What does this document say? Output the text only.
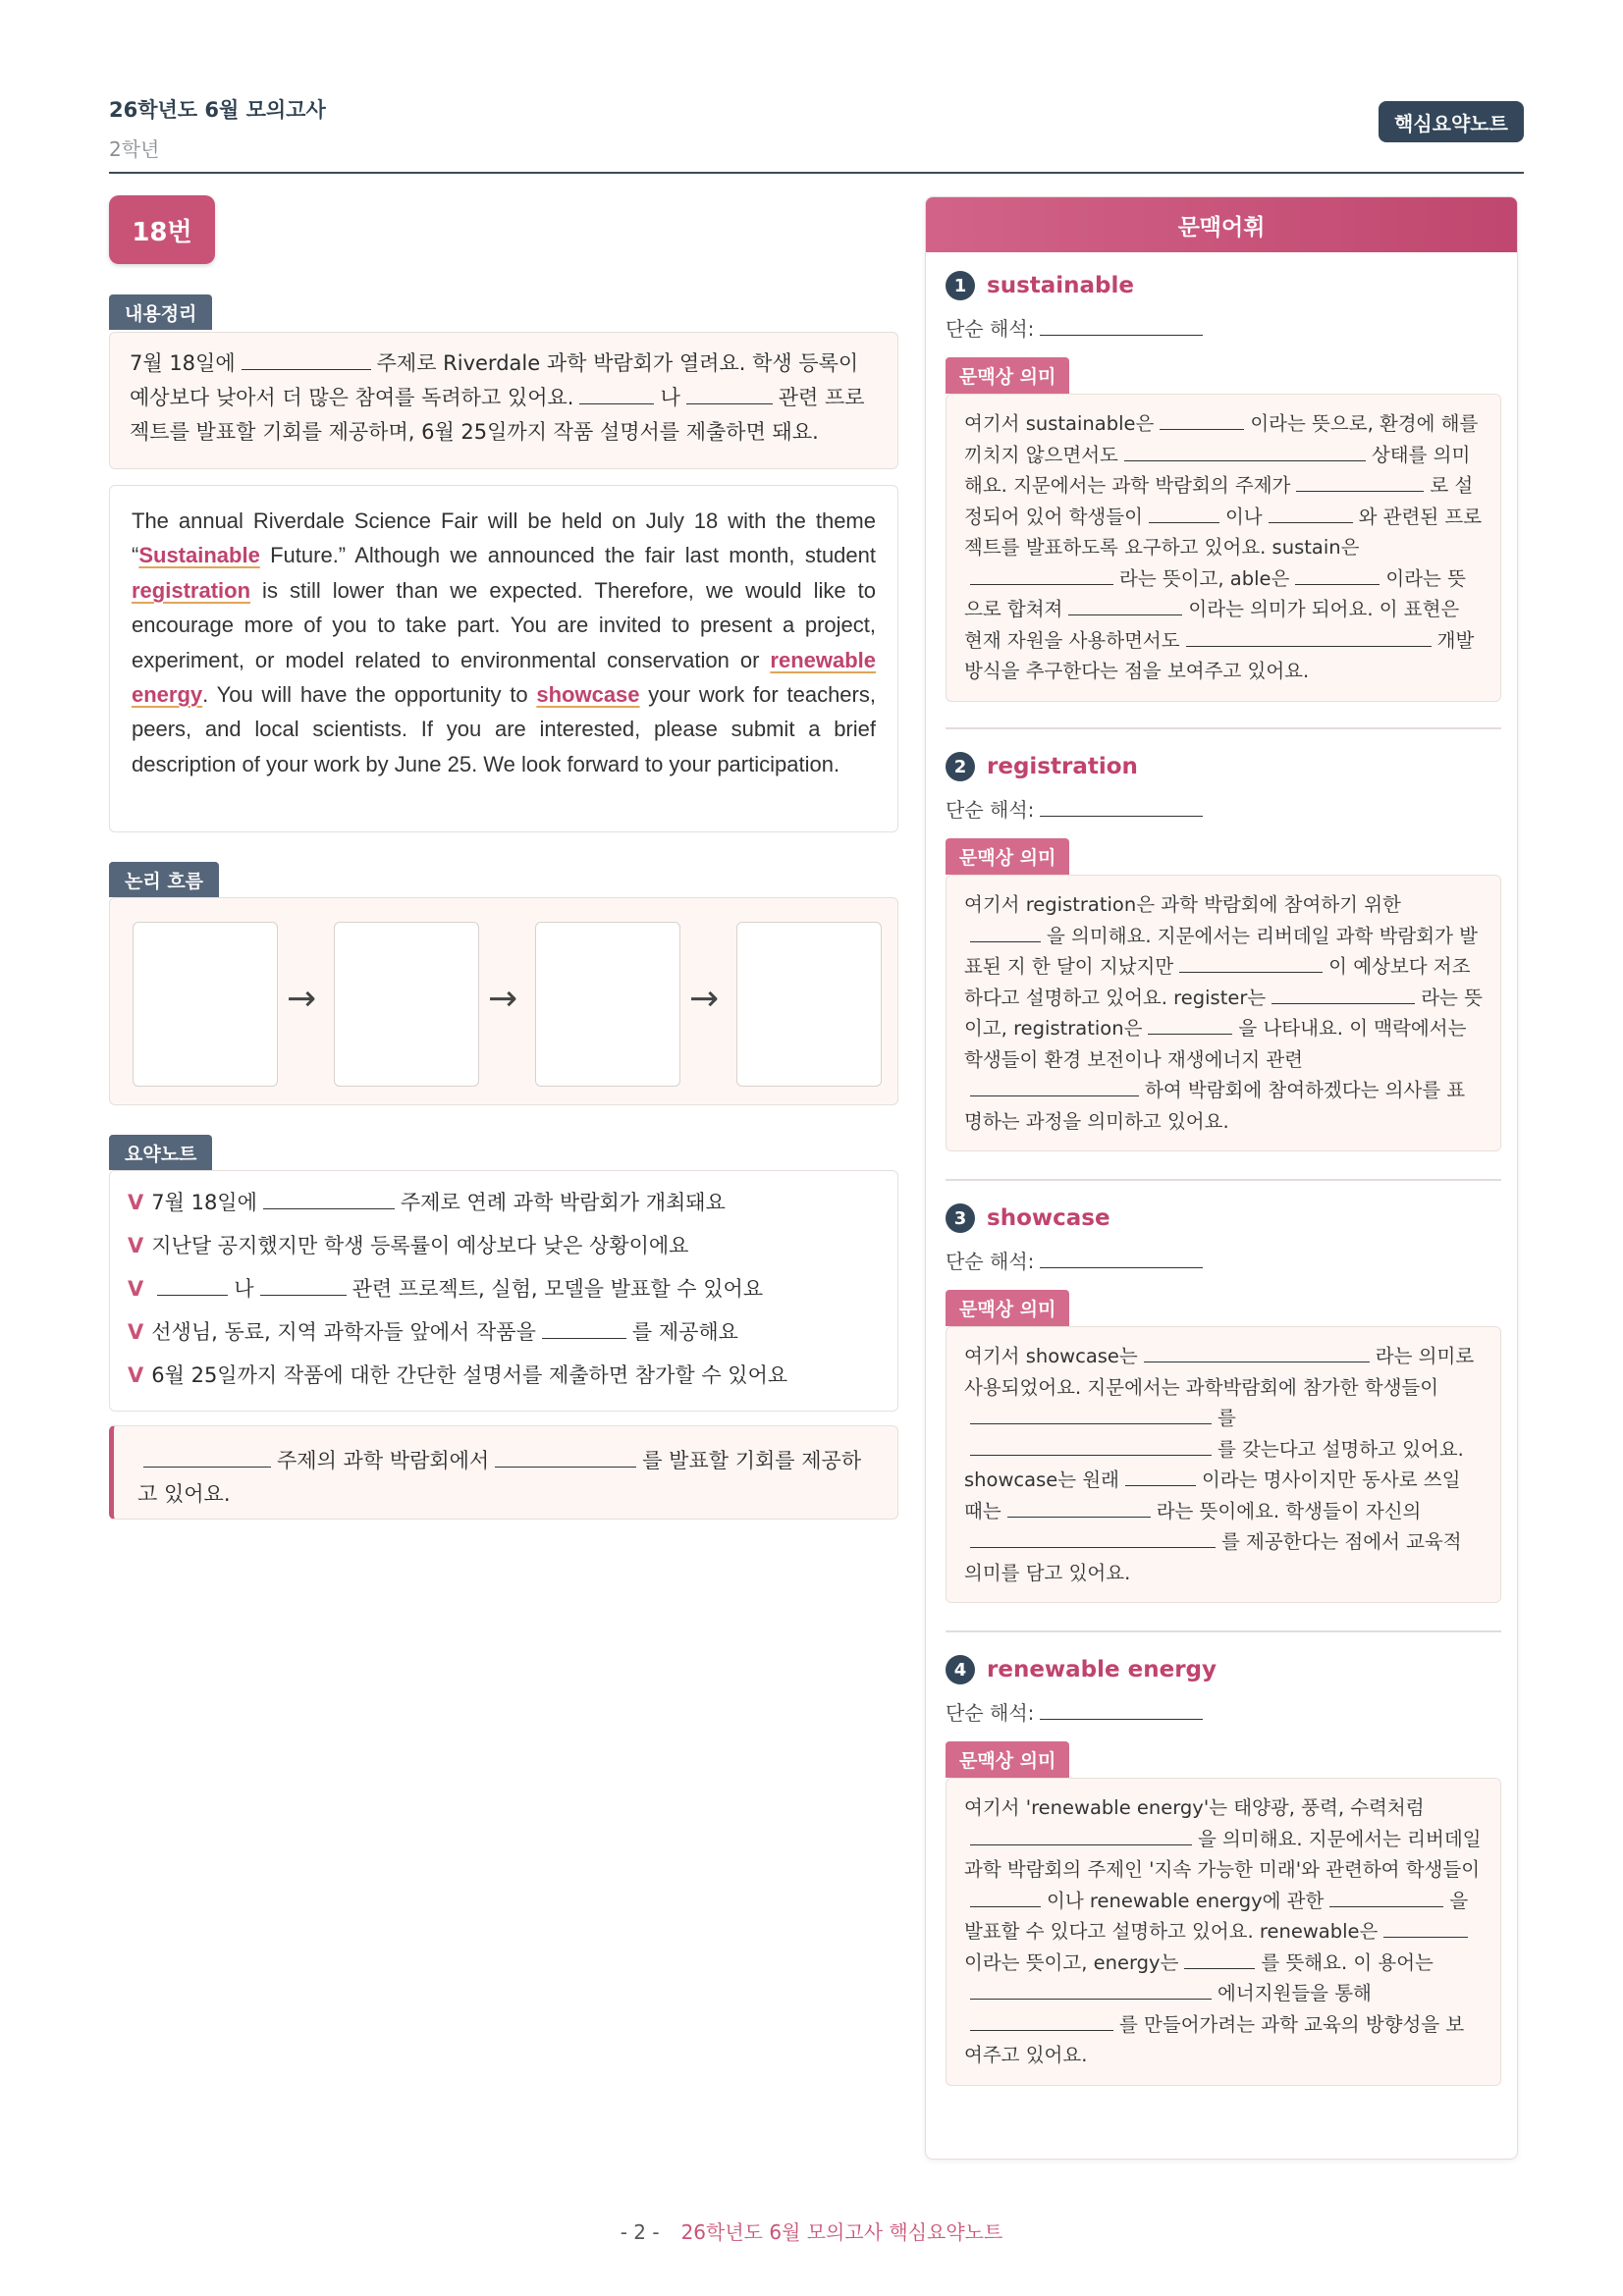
26학년도 6월 모의고사
2학년
핵심요약노트
18번
내용정리
7월 18일에	주제로 Riverdale 과학 박람회가 열려요. 학생 등록이 예상보다 낮아서 더 많은 참여를 독려하고 있어요.	나	관련 프로젝트를 발표할 기회를 제공하며, 6월 25일까지 작품 설명서를 제출하면 돼요.
The annual Riverdale Science Fair will be held on July 18 with the theme “Sustainable Future.” Although we announced the fair last month, student registration is still lower than we expected. Therefore, we would like to encourage more of you to take part. You are invited to present a project, experiment, or model related to environmental conservation or renewable energy. You will have the opportunity to showcase your work for teachers, peers, and local scientists. If you are interested, please submit a brief description of your work by June 25. We look forward to your participation.
논리 흐름
→	→	→
요약노트
V 7월 18일에	주제로 연례 과학 박람회가 개최돼요
V 지난달 공지했지만 학생 등록률이 예상보다 낮은 상황이에요
V	나	관련 프로젝트, 실험, 모델을 발표할 수 있어요
V 선생님, 동료, 지역 과학자들 앞에서 작품을	를 제공해요
V 6월 25일까지 작품에 대한 간단한 설명서를 제출하면 참가할 수 있어요
주제의 과학 박람회에서	를 발표할 기회를 제공하고 있어요.
문맥어휘
1 sustainable
단순 해석:
문맥상 의미
여기서 sustainable은	이라는 뜻으로, 환경에 해를 끼치지 않으면서도	상태를 의미해요. 지문에서는 과학 박람회의 주제가	로 설정되어 있어 학생들이	이나	와 관련된 프로젝트를 발표하도록 요구하고 있어요. sustain은라는 뜻이고, able은	이라는 뜻으로 합쳐져	이라는 의미가 되어요. 이 표현은 현재 자원을 사용하면서도	개발 방식을 추구한다는 점을 보여주고 있어요.
2 registration
단순 해석:
문맥상 의미
여기서 registration은 과학 박람회에 참여하기 위한을 의미해요. 지문에서는 리버데일 과학 박람회가 발표된 지 한 달이 지났지만	이 예상보다 저조하다고 설명하고 있어요. register는	라는 뜻이고, registration은	을 나타내요. 이 맥락에서는 학생들이 환경 보전이나 재생에너지 관련하여 박람회에 참여하겠다는 의사를 표명하는 과정을 의미하고 있어요.
3 showcase
단순 해석:
문맥상 의미
여기서 showcase는	라는 의미로 사용되었어요. 지문에서는 과학박람회에 참가한 학생들이를를 갖는다고 설명하고 있어요. showcase는 원래	이라는 명사이지만 동사로 쓰일 때는	라는 뜻이에요. 학생들이 자신의를 제공한다는 점에서 교육적 의미를 담고 있어요.
4 renewable energy
단순 해석:
문맥상 의미
여기서 'renewable energy'는 태양광, 풍력, 수력처럼을 의미해요. 지문에서는 리버데일 과학 박람회의 주제인 '지속 가능한 미래'와 관련하여 학생들이이나 renewable energy에 관한	을 발표할 수 있다고 설명하고 있어요. renewable은이라는 뜻이고, energy는	를 뜻해요. 이 용어는에너지원들을 통해를 만들어가려는 과학 교육의 방향성을 보여주고 있어요.
- 2 - 26학년도 6월 모의고사 핵심요약노트
